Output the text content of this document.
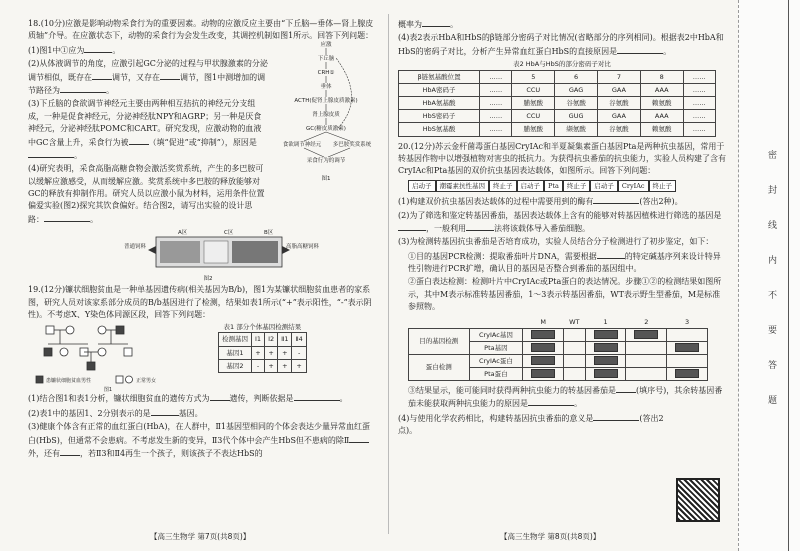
18.(10分)应激是影响动物采食行为的重要因素。动物的应激反应主要由“下丘脑—垂体—肾上腺皮质轴”介导。在应激状态下，动物的采食行为会发生改变，其调控机制如图1所示。回答下列问题：

(1)图1中①应为	。

(2)从体液调节的角度，应激引起GC分泌的过程与甲状腺激素的分泌调节相似，既存在	调节，又存在	调节，图1中测增加的调节路径为	。

(3)下丘脑的食欲调节神经元主要由两种相互拮抗的神经元分支组成，一种是促食神经元，分泌神经肽NPY和AGRP；另一种是厌食神经元，分泌神经肽POMC和CART。研究发现，应激动物的血液中GC含量上升，采食行为被	（填“促进”或“抑制”），原因是。

应激
下丘脑
CRH①
垂体
ACTH(促肾上腺皮质激素)
肾上腺皮质
GC(糖皮质激素)
食欲调节神经元 多巴胺奖赏系统
采食行为的调节
图1

(4)研究表明，采食高脂高糖食物会激活奖赏系统，产生的多巴胺可以缓解应激感受，从而缓解应激。奖赏系统中多巴胺的释放能够对GC的释放有抑制作用。研究人员以应激小鼠为材料，运用条件位置偏爱实验(图2)探究其饮食偏好。结合图2，请写出实验的设计思路：	。

普通饲料	高脂高糖饲料
A区	C区	B区
图2

19.(12分)镰状细胞贫血是一种单基因遗传病(相关基因为B/b)，图1为某镰状细胞贫血患者的家系图，研究人员对该家系部分成员的B/b基因进行了检测，结果如表1所示(“+”表示阳性，“-”表示阴性)。不考虑X、Y染色体同源区段，回答下列问题：

患镰状细胞贫血男性	正常男女
图1
表1 部分个体基因检测结果
检测基因	Ⅰ1	Ⅰ2	Ⅱ1	Ⅱ4
基因1	+	+	+	-
基因2	-	+	+	+

(1)结合图1和表1分析，镰状细胞贫血的遗传方式为	遗传，判断依据是	。

(2)表1中的基因1、2分别表示的是	基因。

(3)健康个体含有正常的血红蛋白(HbA)，在人群中，Ⅱ1基因型相同的个体会表达少量异常血红蛋白(HbS)，但通常不会患病。不考虑发生新的变异，Ⅱ3代个体中会产生HbS但不患病的除Ⅱ外，还有	，若Ⅱ3和Ⅱ4再生一个孩子，则该孩子不表达HbS的

【高三生物学 第7页(共8页)】

概率为	。

(4)表2表示HbA和HbS的β链部分密码子对比情况(省略部分的序列相同)。根据表2中HbA和HbS的密码子对比，分析产生异常血红蛋白HbS的直接原因是	。

表2 HbA与HbS的部分密码子对比
β链氨基酸位置	……	5	6	7	8	……
HbA密码子	……	CCU	GAG	GAA	AAA	……
HbA氨基酸	……	脯氨酸	谷氨酸	谷氨酸	赖氨酸	……
HbS密码子	……	CCU	GUG	GAA	AAA	……
HbS氨基酸	……	脯氨酸	缬氨酸	谷氨酸	赖氨酸	……

20.(12分)苏云金杆菌毒蛋白基因CryIAc和半夏凝集素蛋白基因Pta是两种抗虫基因，常用于转基因作物中以增强植物对害虫的抵抗力。为获得抗虫番茄的抗虫能力，实验人员构建了含有CryIAc和Pta基因的双价抗虫基因表达载体，如图所示。回答下列问题：

启动子 潮霉素抗性基因 终止子 启动子 Pta 终止子 启动子 CryIAc 终止子

(1)构建双价抗虫基因表达载体的过程中需要用到的酶有	(答出2种)。

(2)为了筛选和鉴定转基因番茄，基因表达载体上含有的能够对转基因植株进行筛选的基因是，一般利用	法将该载体导入番茄细胞。

(3)为检测转基因抗虫番茄是否培育成功，实验人员结合分子检测进行了初步鉴定，如下：

①目的基因PCR检测：提取番茄叶片DNA，需要根据	的特定碱基序列来设计特异性引物进行PCR扩增，确认目的基因是否整合到番茄的基因组中。

②蛋白表达检测：检测叶片中CryIAc或Pta蛋白的表达情况。步骤①②的检测结果如图所示，其中M表示标准转基因番茄，1～3表示转基因番茄，WT表示野生型番茄，M是标准参照物。

		M	WT	1	2	3
目的基因检测	CryIAc基因					
	Pta基因					
蛋白检测	CryIAc蛋白					
	Pta蛋白					

③结果显示，能可能同时获得两种抗虫能力的转基因番茄是	(填序号)，其余转基因番茄未能获取两种抗虫能力的原因是	。

(4)与使用化学农药相比，构建转基因抗虫番茄的意义是	(答出2点)。

【高三生物学 第8页(共8页)】
密
封
线
内
不
要
答
题
